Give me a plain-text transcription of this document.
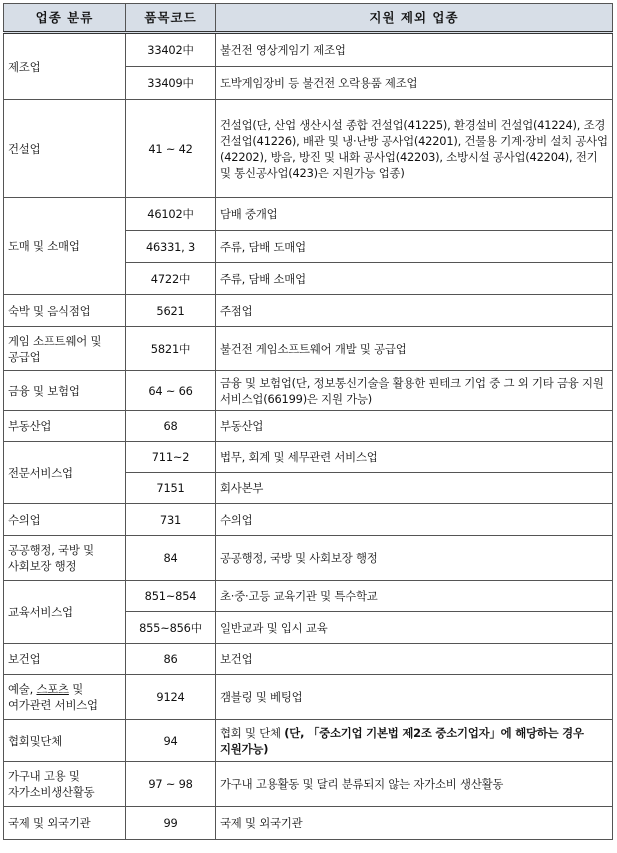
업종 분류	품목코드	지원 제외 업종
제조업	33402中	불건전 영상게임기 제조업
	33409中	도박게임장비 등 불건전 오락용품 제조업
건설업	41 ~ 42	건설업(단, 산업 생산시설 종합 건설업(41225), 환경설비 건설업(41224), 조경 건설업(41226), 배관 및 냉·난방 공사업(42201), 건물용 기계·장비 설치 공사업(42202), 방음, 방진 및 내화 공사업(42203), 소방시설 공사업(42204), 전기 및 통신공사업(423)은 지원가능 업종)
도매 및 소매업	46102中	담배 중개업
	46331, 3	주류, 담배 도매업
	4722中	주류, 담배 소매업
숙박 및 음식점업	5621	주점업
게임 소프트웨어 및 공급업	5821中	불건전 게임소프트웨어 개발 및 공급업
금융 및 보험업	64 ~ 66	금융 및 보험업(단, 정보통신기술을 활용한 핀테크 기업 중 그 외 기타 금융 지원 서비스업(66199)은 지원 가능)
부동산업	68	부동산업
전문서비스업	711~2	법무, 회계 및 세무관련 서비스업
	7151	회사본부
수의업	731	수의업
공공행정, 국방 및 사회보장 행정	84	공공행정, 국방 및 사회보장 행정
교육서비스업	851~854	초·중·고등 교육기관 및 특수학교
	855~856中	일반교과 및 입시 교육
보건업	86	보건업
예술, 스포츠 및 여가관련 서비스업	9124	갬블링 및 베팅업
협회및단체	94	협회 및 단체 (단, 「중소기업 기본법 제2조 중소기업자」에 해당하는 경우 지원가능)
가구내 고용 및 자가소비생산활동	97 ~ 98	가구내 고용활동 및 달리 분류되지 않는 자가소비 생산활동
국제 및 외국기관	99	국제 및 외국기관
